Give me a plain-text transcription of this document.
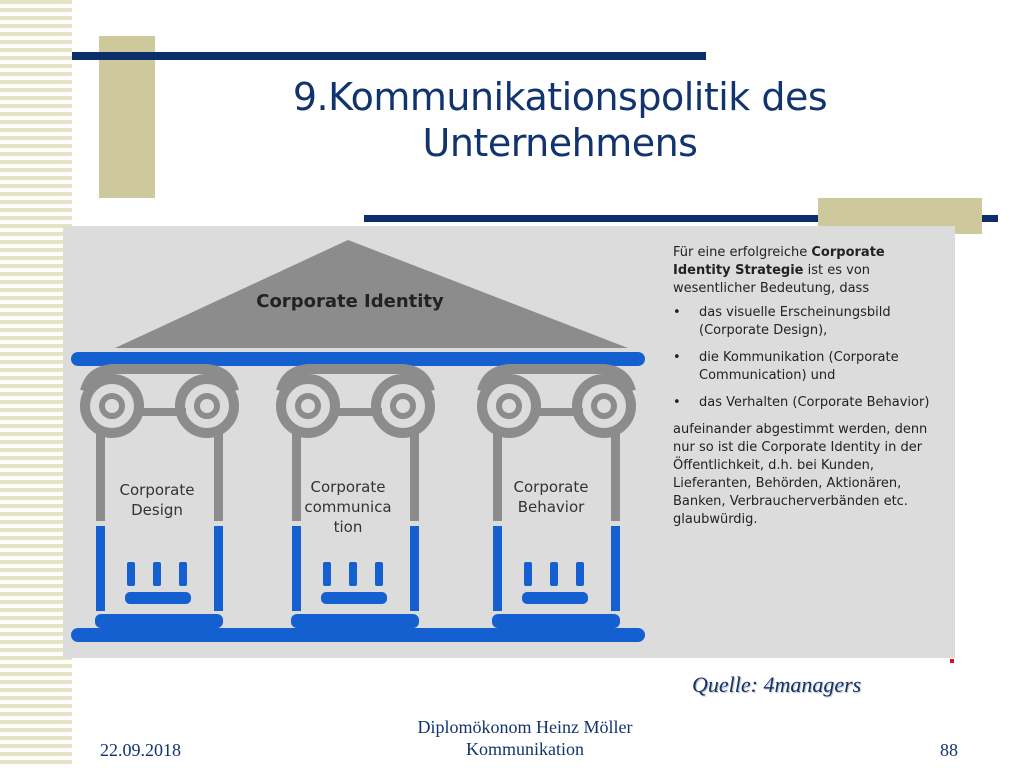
9.Kommunikationspolitik des
Unternehmens
Corporate Identity
Corporate
Design
Corporate
communica
tion
Corporate
Behavior

Für eine erfolgreiche Corporate Identity Strategie ist es von wesentlicher Bedeutung, dass

• das visuelle Erscheinungsbild (Corporate Design),
• die Kommunikation (Corporate Communication) und
• das Verhalten (Corporate Behavior)

aufeinander abgestimmt werden, denn nur so ist die Corporate Identity in der Öffentlichkeit, d.h. bei Kunden, Lieferanten, Behörden, Aktionären, Banken, Verbraucherverbänden etc. glaubwürdig.

Quelle: 4managers
22.09.2018
Diplomökonom Heinz Möller
Kommunikation	88
